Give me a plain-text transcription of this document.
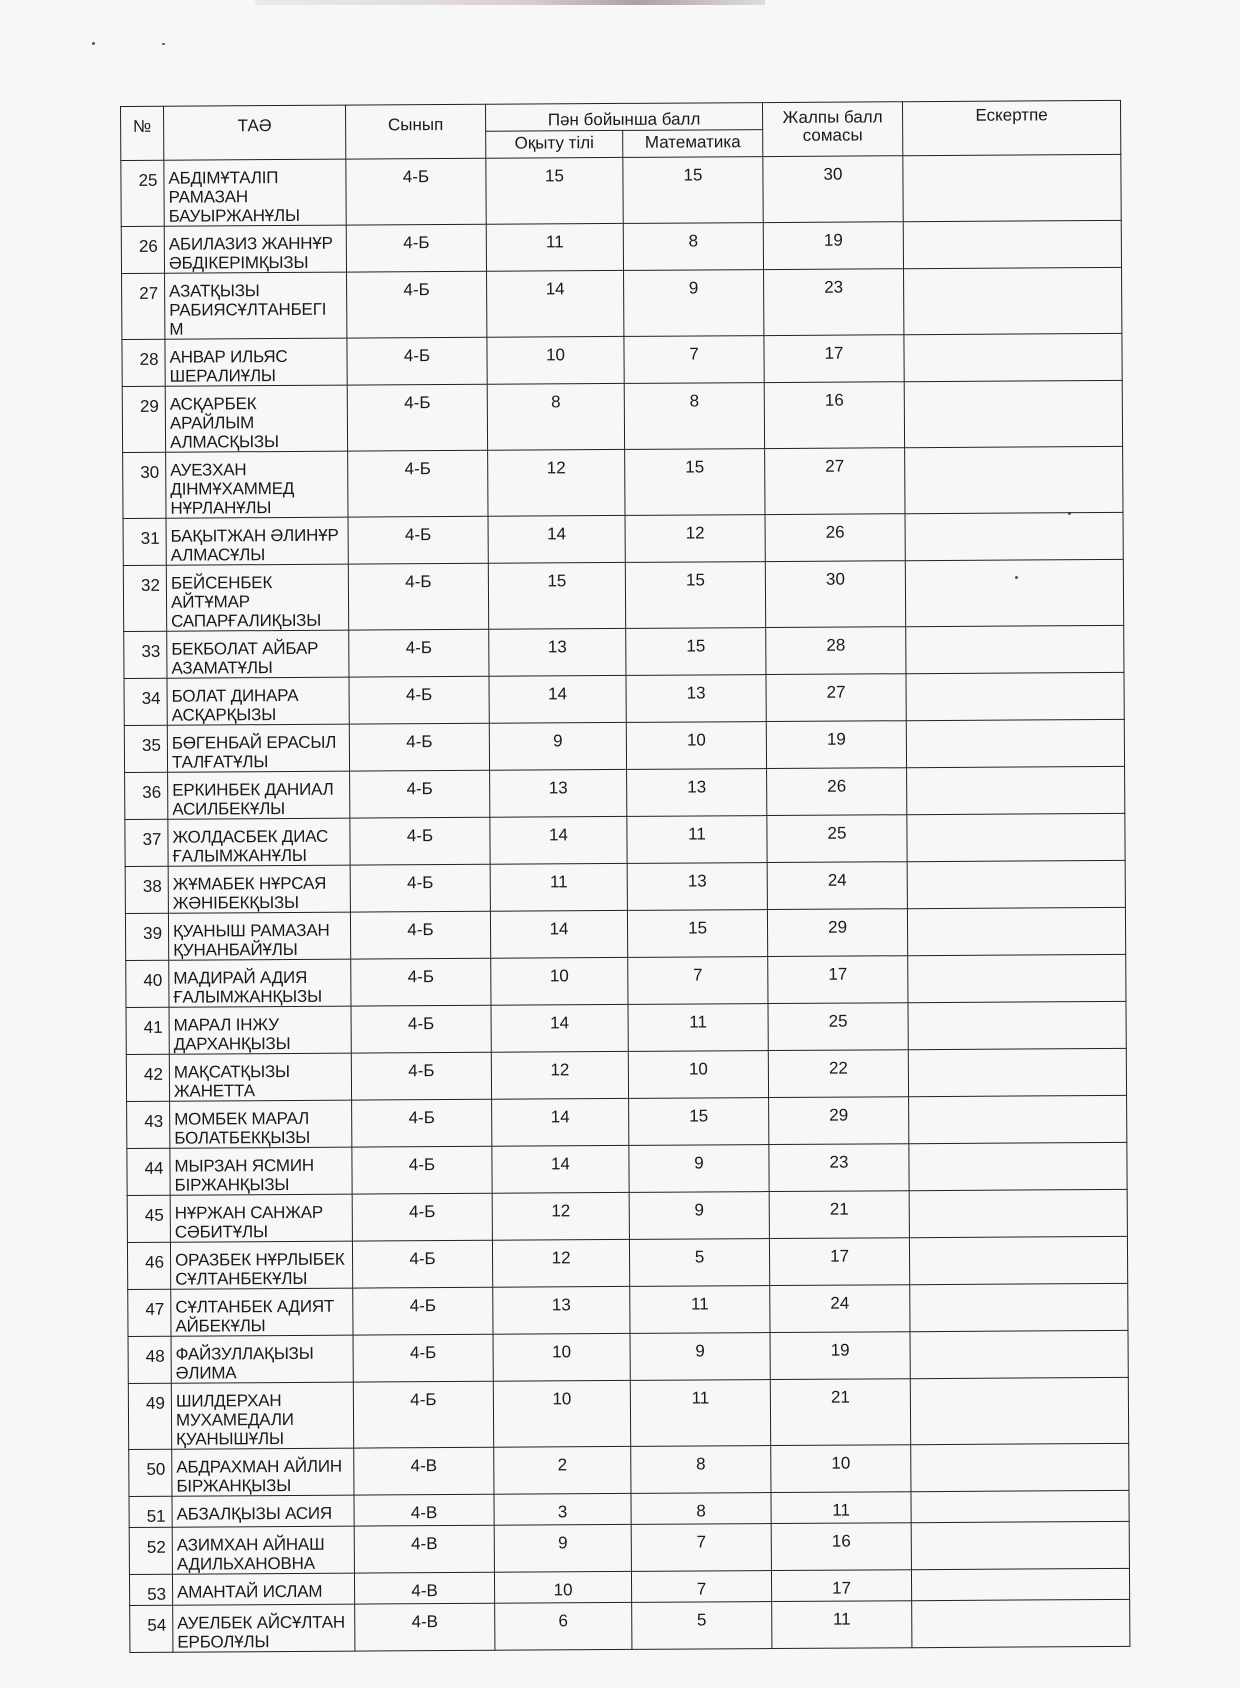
№	ТАӘ	Сынып	Пән бойынша балл		Жалпы балл сомасы	Ескертпе
			Оқыту тілі	Математика		
25	АБДІМҰТАЛІП РАМАЗАН БАУЫРЖАНҰЛЫ	4-Б	15	15	30	
26	АБИЛАЗИЗ ЖАННҰР ӘБДІКЕРІМҚЫЗЫ	4-Б	11	8	19	
27	АЗАТҚЫЗЫ РАБИЯСҰЛТАНБЕГІ М	4-Б	14	9	23	
28	АНВАР ИЛЬЯС ШЕРАЛИҰЛЫ	4-Б	10	7	17	
29	АСҚАРБЕК АРАЙЛЫМ АЛМАСҚЫЗЫ	4-Б	8	8	16	
30	АУЕЗХАН ДІНМҰХАММЕД НҰРЛАНҰЛЫ	4-Б	12	15	27	
31	БАҚЫТЖАН ӘЛИНҰР АЛМАСҰЛЫ	4-Б	14	12	26	
32	БЕЙСЕНБЕК АЙТҰМАР САПАРҒАЛИҚЫЗЫ	4-Б	15	15	30	
33	БЕКБОЛАТ АЙБАР АЗАМАТҰЛЫ	4-Б	13	15	28	
34	БОЛАТ ДИНАРА АСҚАРҚЫЗЫ	4-Б	14	13	27	
35	БӨГЕНБАЙ ЕРАСЫЛ ТАЛҒАТҰЛЫ	4-Б	9	10	19	
36	ЕРКИНБЕК ДАНИАЛ АСИЛБЕКҰЛЫ	4-Б	13	13	26	
37	ЖОЛДАСБЕК ДИАС ҒАЛЫМЖАНҰЛЫ	4-Б	14	11	25	
38	ЖҰМАБЕК НҰРСАЯ ЖӘНІБЕКҚЫЗЫ	4-Б	11	13	24	
39	ҚУАНЫШ РАМАЗАН ҚУНАНБАЙҰЛЫ	4-Б	14	15	29	
40	МАДИРАЙ АДИЯ ҒАЛЫМЖАНҚЫЗЫ	4-Б	10	7	17	
41	МАРАЛ ІНЖУ ДАРХАНҚЫЗЫ	4-Б	14	11	25	
42	МАҚСАТҚЫЗЫ ЖАНЕТТА	4-Б	12	10	22	
43	МОМБЕК МАРАЛ БОЛАТБЕКҚЫЗЫ	4-Б	14	15	29	
44	МЫРЗАН ЯСМИН БІРЖАНҚЫЗЫ	4-Б	14	9	23	
45	НҰРЖАН САНЖАР СӘБИТҰЛЫ	4-Б	12	9	21	
46	ОРАЗБЕК НҰРЛЫБЕК СҰЛТАНБЕКҰЛЫ	4-Б	12	5	17	
47	СҰЛТАНБЕК АДИЯТ АЙБЕКҰЛЫ	4-Б	13	11	24	
48	ФАЙЗУЛЛАҚЫЗЫ ӘЛИМА	4-Б	10	9	19	
49	ШИЛДЕРХАН МУХАМЕДАЛИ ҚУАНЫШҰЛЫ	4-Б	10	11	21	
50	АБДРАХМАН АЙЛИН БІРЖАНҚЫЗЫ	4-В	2	8	10	
51	АБЗАЛҚЫЗЫ АСИЯ	4-В	3	8	11	
52	АЗИМХАН АЙНАШ АДИЛЬХАНОВНА	4-В	9	7	16	
53	АМАНТАЙ ИСЛАМ	4-В	10	7	17	
54	АУЕЛБЕК АЙСҰЛТАН ЕРБОЛҰЛЫ	4-В	6	5	11	
